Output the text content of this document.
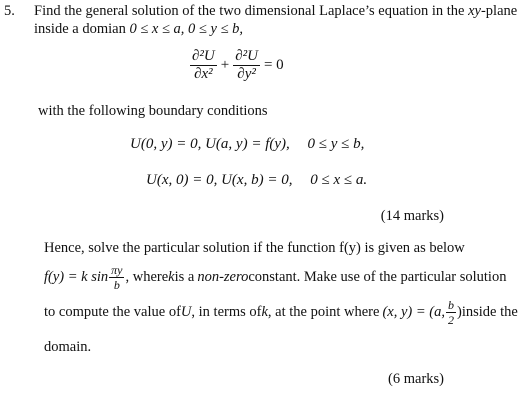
5. Find the general solution of the two dimensional Laplace’s equation in the xy-plane
inside a domian 0 ≤ x ≤ a, 0 ≤ y ≤ b,
$\frac{\text{∂²U}}{\text{∂x²}} + \frac{\text{∂²U}}{\text{∂y²}} = 0$
with the following boundary conditions
U(0, y) = 0, U(a, y) = f(y), 0 ≤ y ≤ b,
U(x, 0) = 0, U(x, b) = 0, 0 ≤ x ≤ a.
(14 marks)
Hence, solve the particular solution if the function f(y) is given as below
f(y) = k $\sin \frac{\pi y}{b}$ , where k is a non-zero constant. Make use of the particular solution
to compute the value of U , in terms of k , at the point where (x, y) = (a, $\frac{b}{2}$ ) inside the
domain.
(6 marks)
